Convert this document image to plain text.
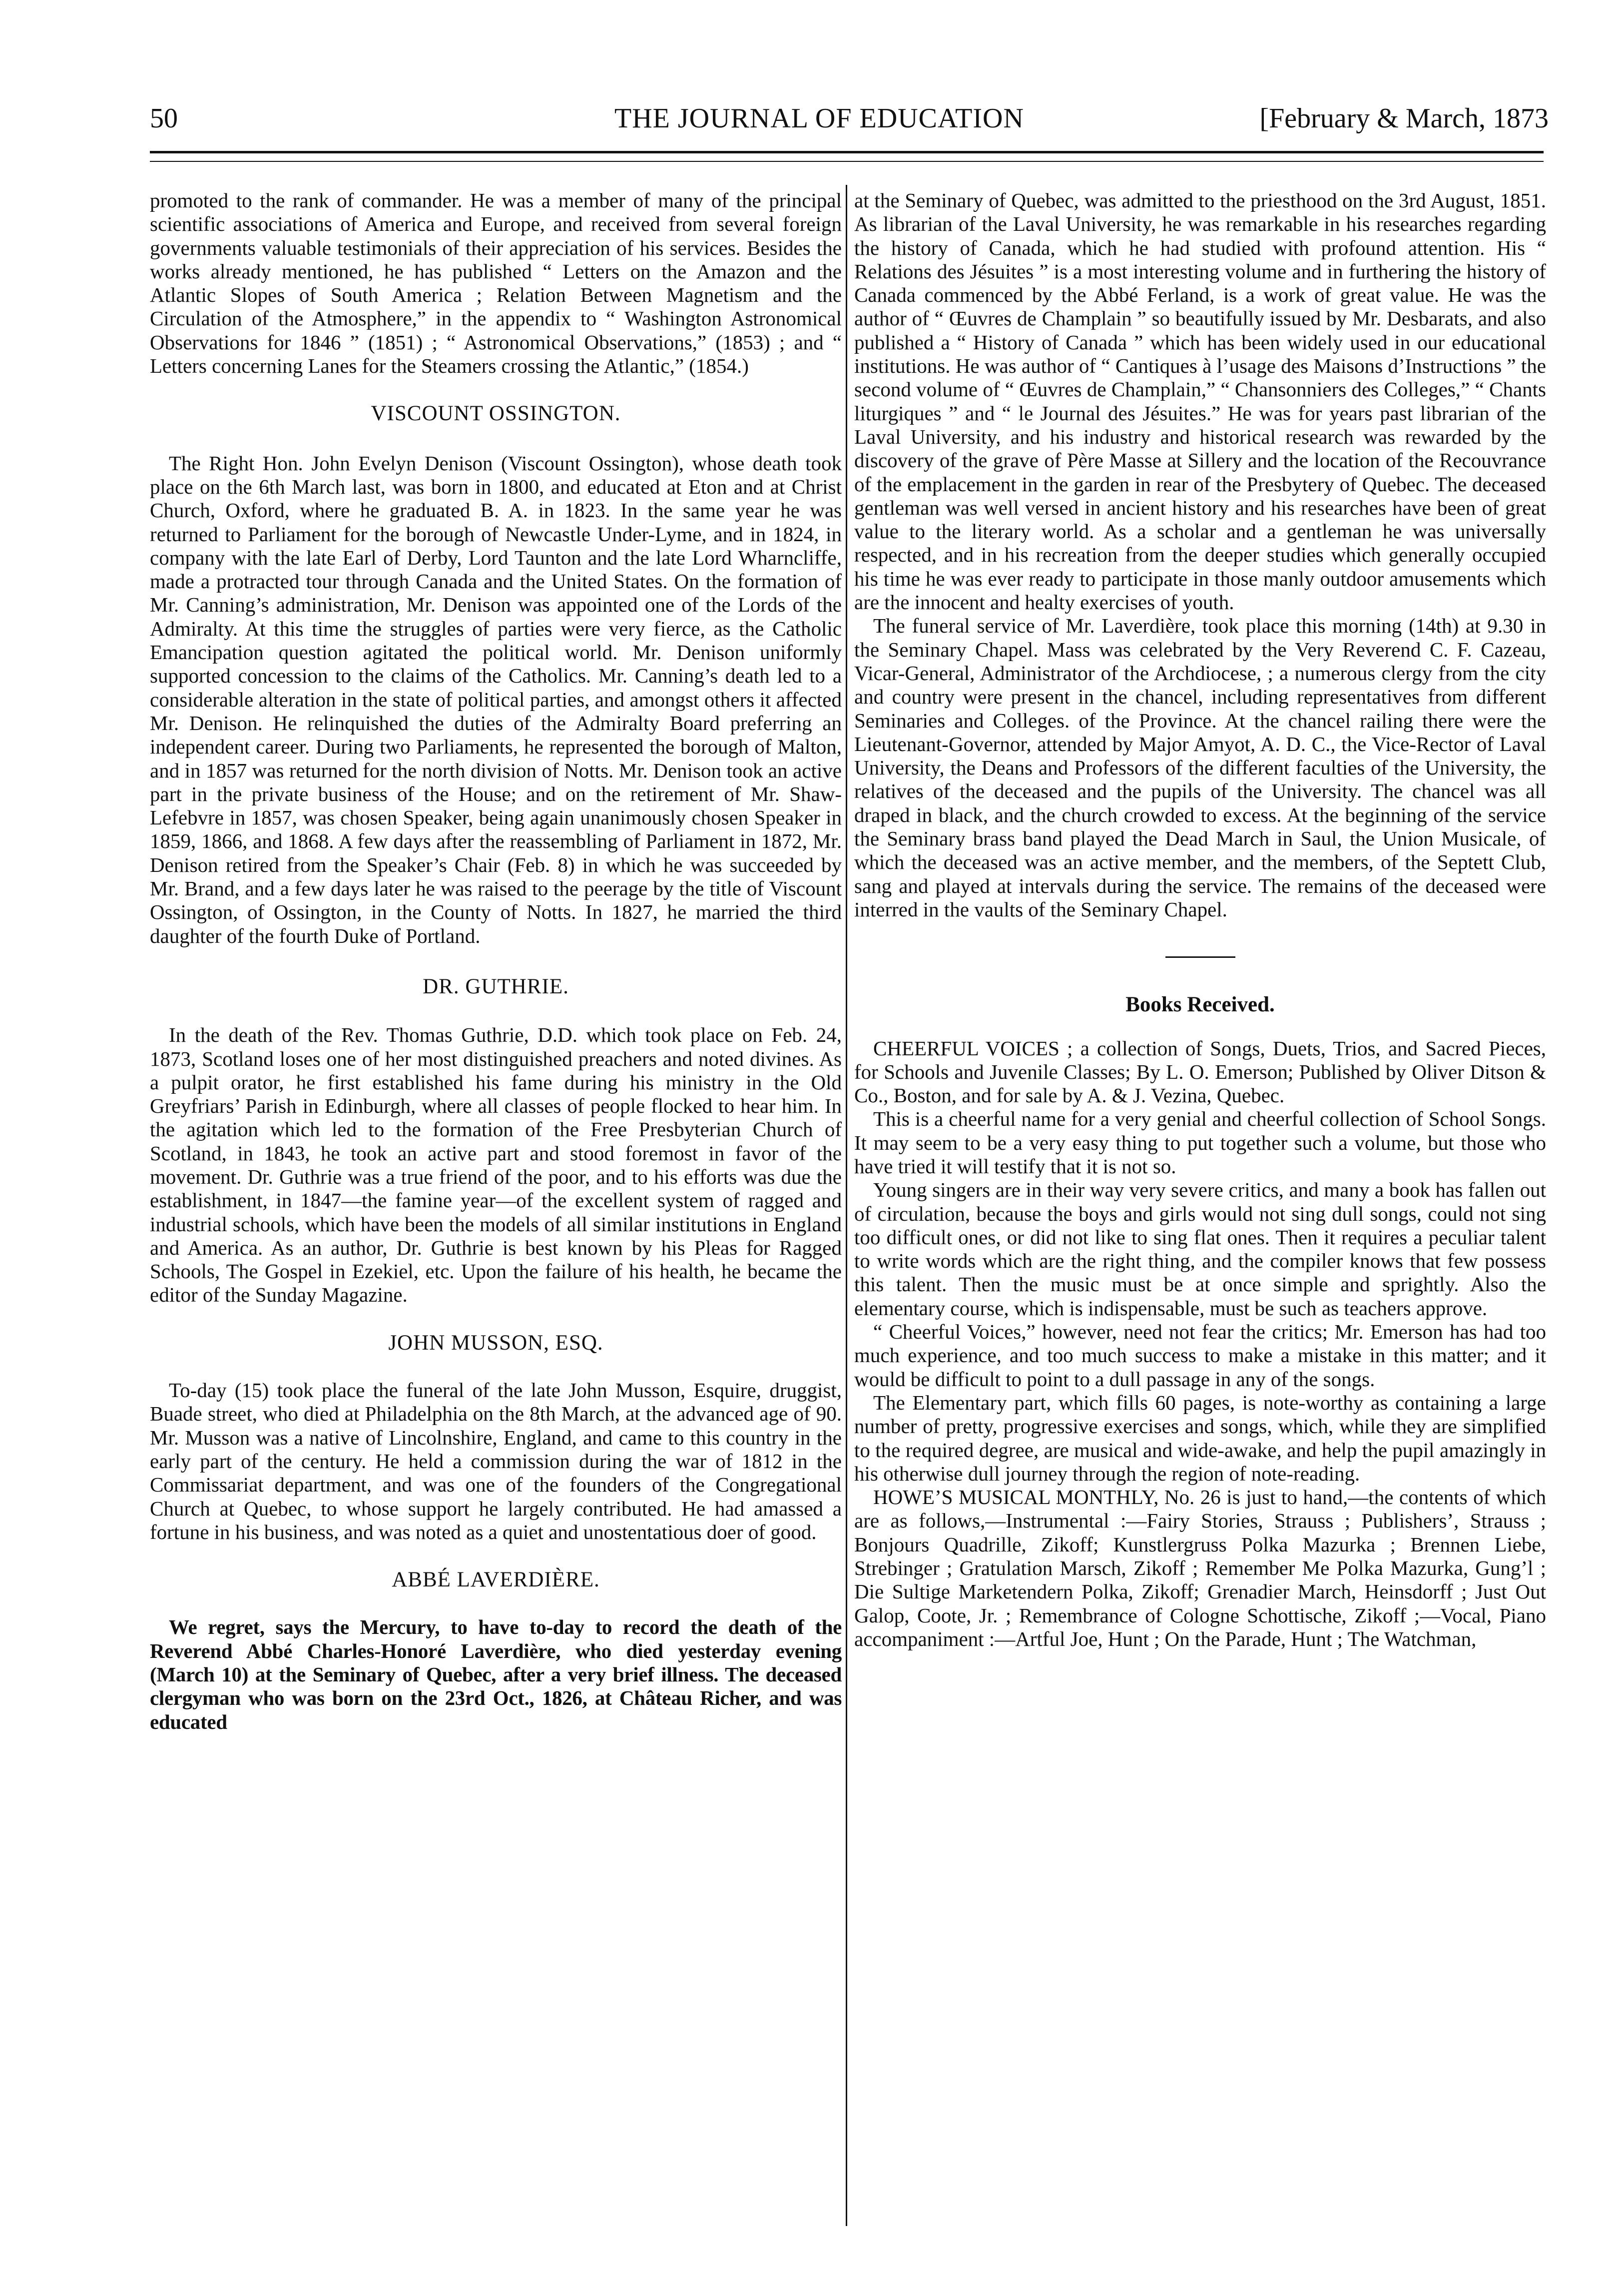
50	THE JOURNAL OF EDUCATION	[February & March, 1873

promoted to the rank of commander. He was a member of many of the principal scientific associations of America and Europe, and received from several foreign governments valuable testimonials of their appreciation of his services. Besides the works already mentioned, he has published “ Letters on the Amazon and the Atlantic Slopes of South America ; Relation Between Magnetism and the Circulation of the Atmosphere,” in the appendix to “ Washington Astronomical Observations for 1846 ” (1851) ; “ Astronomical Observations,” (1853) ; and “ Letters concerning Lanes for the Steamers crossing the Atlantic,” (1854.)

VISCOUNT OSSINGTON.

The Right Hon. John Evelyn Denison (Viscount Ossington), whose death took place on the 6th March last, was born in 1800, and educated at Eton and at Christ Church, Oxford, where he graduated B. A. in 1823. In the same year he was returned to Parliament for the borough of Newcastle Under-Lyme, and in 1824, in company with the late Earl of Derby, Lord Taunton and the late Lord Wharncliffe, made a protracted tour through Canada and the United States. On the formation of Mr. Canning’s administration, Mr. Denison was appointed one of the Lords of the Admiralty. At this time the struggles of parties were very fierce, as the Catholic Emancipation question agitated the political world. Mr. Denison uniformly supported concession to the claims of the Catholics. Mr. Canning’s death led to a considerable alteration in the state of political parties, and amongst others it affected Mr. Denison. He relinquished the duties of the Admiralty Board preferring an independent career. During two Parliaments, he represented the borough of Malton, and in 1857 was returned for the north division of Notts. Mr. Denison took an active part in the private business of the House; and on the retirement of Mr. Shaw-Lefebvre in 1857, was chosen Speaker, being again unanimously chosen Speaker in 1859, 1866, and 1868. A few days after the reassembling of Parliament in 1872, Mr. Denison retired from the Speaker’s Chair (Feb. 8) in which he was succeeded by Mr. Brand, and a few days later he was raised to the peerage by the title of Viscount Ossington, of Ossington, in the County of Notts. In 1827, he married the third daughter of the fourth Duke of Portland.

DR. GUTHRIE.

In the death of the Rev. Thomas Guthrie, D.D. which took place on Feb. 24, 1873, Scotland loses one of her most distinguished preachers and noted divines. As a pulpit orator, he first established his fame during his ministry in the Old Greyfriars’ Parish in Edinburgh, where all classes of people flocked to hear him. In the agitation which led to the formation of the Free Presbyterian Church of Scotland, in 1843, he took an active part and stood foremost in favor of the movement. Dr. Guthrie was a true friend of the poor, and to his efforts was due the establishment, in 1847—the famine year—of the excellent system of ragged and industrial schools, which have been the models of all similar institutions in England and America. As an author, Dr. Guthrie is best known by his Pleas for Ragged Schools, The Gospel in Ezekiel, etc. Upon the failure of his health, he became the editor of the Sunday Magazine.

JOHN MUSSON, ESQ.

To-day (15) took place the funeral of the late John Musson, Esquire, druggist, Buade street, who died at Philadelphia on the 8th March, at the advanced age of 90. Mr. Musson was a native of Lincolnshire, England, and came to this country in the early part of the century. He held a commission during the war of 1812 in the Commissariat department, and was one of the founders of the Congregational Church at Quebec, to whose support he largely contributed. He had amassed a fortune in his business, and was noted as a quiet and unostentatious doer of good.

ABBÉ LAVERDIÈRE.

We regret, says the Mercury, to have to-day to record the death of the Reverend Abbé Charles-Honoré Laverdière, who died yesterday evening (March 10) at the Seminary of Quebec, after a very brief illness. The deceased clergyman who was born on the 23rd Oct., 1826, at Château Richer, and was educated

at the Seminary of Quebec, was admitted to the priesthood on the 3rd August, 1851. As librarian of the Laval University, he was remarkable in his researches regarding the history of Canada, which he had studied with profound attention. His “ Relations des Jésuites ” is a most interesting volume and in furthering the history of Canada commenced by the Abbé Ferland, is a work of great value. He was the author of “ Œuvres de Champlain ” so beautifully issued by Mr. Desbarats, and also published a “ History of Canada ” which has been widely used in our educational institutions. He was author of “ Cantiques à l’usage des Maisons d’Instructions ” the second volume of “ Œuvres de Champlain,” “ Chansonniers des Colleges,” “ Chants liturgiques ” and “ le Journal des Jésuites.” He was for years past librarian of the Laval University, and his industry and historical research was rewarded by the discovery of the grave of Père Masse at Sillery and the location of the Recouvrance of the emplacement in the garden in rear of the Presbytery of Quebec. The deceased gentleman was well versed in ancient history and his researches have been of great value to the literary world. As a scholar and a gentleman he was universally respected, and in his recreation from the deeper studies which generally occupied his time he was ever ready to participate in those manly outdoor amusements which are the innocent and healty exercises of youth.

The funeral service of Mr. Laverdière, took place this morning (14th) at 9.30 in the Seminary Chapel. Mass was celebrated by the Very Reverend C. F. Cazeau, Vicar-General, Administrator of the Archdiocese, ; a numerous clergy from the city and country were present in the chancel, including representatives from different Seminaries and Colleges. of the Province. At the chancel railing there were the Lieutenant-Governor, attended by Major Amyot, A. D. C., the Vice-Rector of Laval University, the Deans and Professors of the different faculties of the University, the relatives of the deceased and the pupils of the University. The chancel was all draped in black, and the church crowded to excess. At the beginning of the service the Seminary brass band played the Dead March in Saul, the Union Musicale, of which the deceased was an active member, and the members, of the Septett Club, sang and played at intervals during the service. The remains of the deceased were interred in the vaults of the Seminary Chapel.

Books Received.

CHEERFUL VOICES ; a collection of Songs, Duets, Trios, and Sacred Pieces, for Schools and Juvenile Classes; By L. O. Emerson; Published by Oliver Ditson & Co., Boston, and for sale by A. & J. Vezina, Quebec.

This is a cheerful name for a very genial and cheerful collection of School Songs. It may seem to be a very easy thing to put together such a volume, but those who have tried it will testify that it is not so.

Young singers are in their way very severe critics, and many a book has fallen out of circulation, because the boys and girls would not sing dull songs, could not sing too difficult ones, or did not like to sing flat ones. Then it requires a peculiar talent to write words which are the right thing, and the compiler knows that few possess this talent. Then the music must be at once simple and sprightly. Also the elementary course, which is indispensable, must be such as teachers approve.

“ Cheerful Voices,” however, need not fear the critics; Mr. Emerson has had too much experience, and too much success to make a mistake in this matter; and it would be difficult to point to a dull passage in any of the songs.

The Elementary part, which fills 60 pages, is note-worthy as containing a large number of pretty, progressive exercises and songs, which, while they are simplified to the required degree, are musical and wide-awake, and help the pupil amazingly in his otherwise dull journey through the region of note-reading.

HOWE’S MUSICAL MONTHLY, No. 26 is just to hand,—the contents of which are as follows,—Instrumental :—Fairy Stories, Strauss ; Publishers’, Strauss ; Bonjours Quadrille, Zikoff; Kunstlergruss Polka Mazurka ; Brennen Liebe, Strebinger ; Gratulation Marsch, Zikoff ; Remember Me Polka Mazurka, Gung’l ; Die Sultige Marketendern Polka, Zikoff; Grenadier March, Heinsdorff ; Just Out Galop, Coote, Jr. ; Remembrance of Cologne Schottische, Zikoff ;—Vocal, Piano accompaniment :—Artful Joe, Hunt ; On the Parade, Hunt ; The Watchman,
